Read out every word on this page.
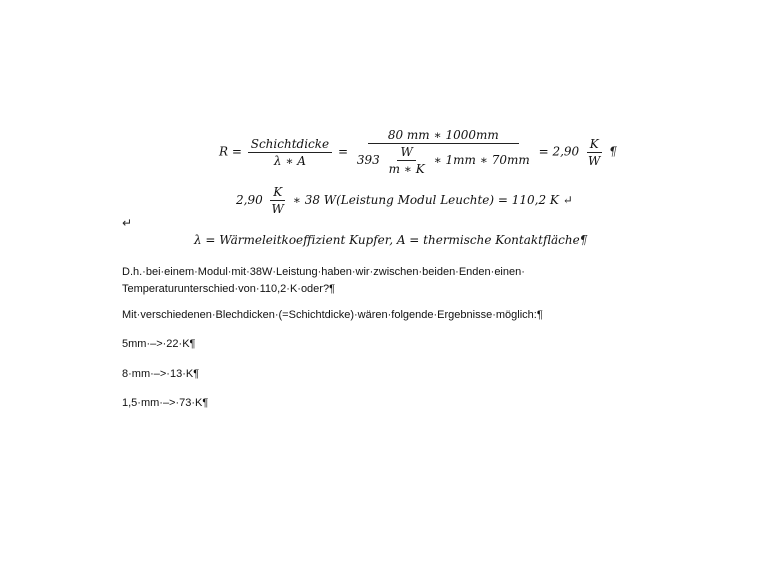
$R = \frac{\text{Schichtdicke}}{\lambda ∗ A} = \frac{80 mm ∗ 1000mm}{393 \frac{W}{m ∗ K} ∗ 1mm ∗ 70mm} = 2,90 \frac{K}{W}$ ¶
$2,90 \frac{K}{W}$ ∗ 38 W(Leistung Modul Leuchte) = 110,2 K ↵
↵
λ = Wärmeleitkoeffizient Kupfer, A = thermische Kontaktfläche¶
D.h.·bei·einem·Modul·mit·38W·Leistung·haben·wir·zwischen·beiden·Enden·einen·
Temperaturunterschied·von·110,2·K·oder?¶
Mit·verschiedenen·Blechdicken·(=Schichtdicke)·wären·folgende·Ergebnisse·möglich:¶
5mm·–>·22·K¶
8·mm·–>·13·K¶
1,5·mm·–>·73·K¶
